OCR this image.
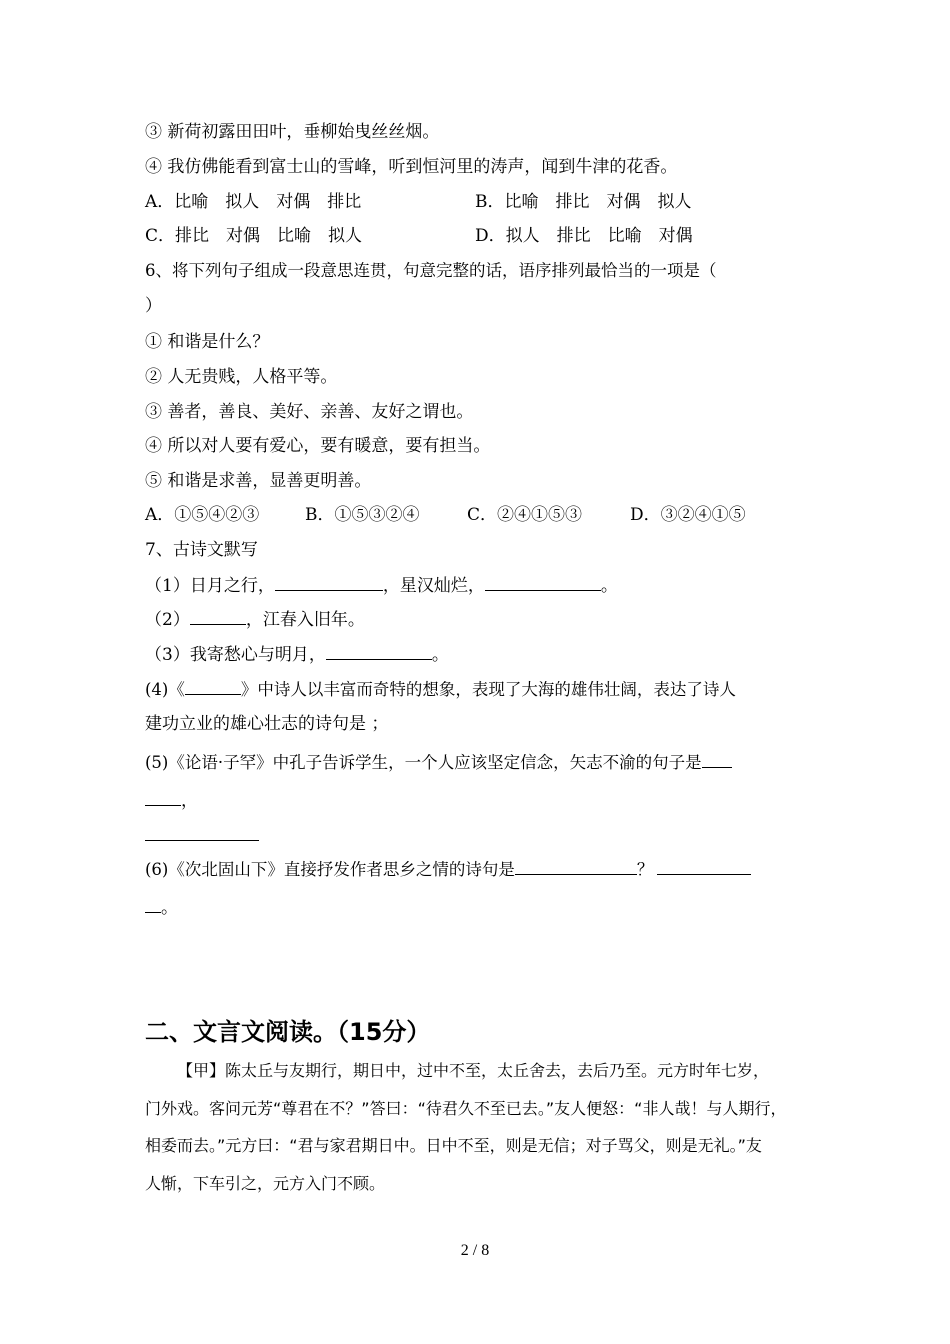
③ 新荷初露田田叶，垂柳始曳丝丝烟。
④ 我仿佛能看到富士山的雪峰，听到恒河里的涛声，闻到牛津的花香。
A．比喻　拟人　对偶　排比	B．比喻　排比　对偶　拟人
C．排比　对偶　比喻　拟人	D．拟人　排比　比喻　对偶
6、将下列句子组成一段意思连贯，句意完整的话，语序排列最恰当的一项是（
）
① 和谐是什么？
② 人无贵贱，人格平等。
③ 善者，善良、美好、亲善、友好之谓也。
④ 所以对人要有爱心，要有暖意，要有担当。
⑤ 和谐是求善，显善更明善。
A．①⑤④②③	B．①⑤③②④	C．②④①⑤③	D．③②④①⑤
7、古诗文默写
（1）日月之行，	，星汉灿烂，	。
（2）	，江春入旧年。
（3）我寄愁心与明月，	。
(4)《	》中诗人以丰富而奇特的想象，表现了大海的雄伟壮阔，表达了诗人
建功立业的雄心壮志的诗句是 ；
(5)《论语·子罕》中孔子告诉学生，一个人应该坚定信念，矢志不渝的句子是
，
(6)《次北固山下》直接抒发作者思乡之情的诗句是	？
。
二、文言文阅读。（15分）
【甲】陈太丘与友期行，期日中，过中不至，太丘舍去，去后乃至。元方时年七岁，
门外戏。客问元芳“尊君在不？”答曰：“待君久不至已去。”友人便怒：“非人哉！与人期行，
相委而去。”元方曰：“君与家君期日中。日中不至，则是无信；对子骂父，则是无礼。”友
人惭，下车引之，元方入门不顾。
2 / 8
